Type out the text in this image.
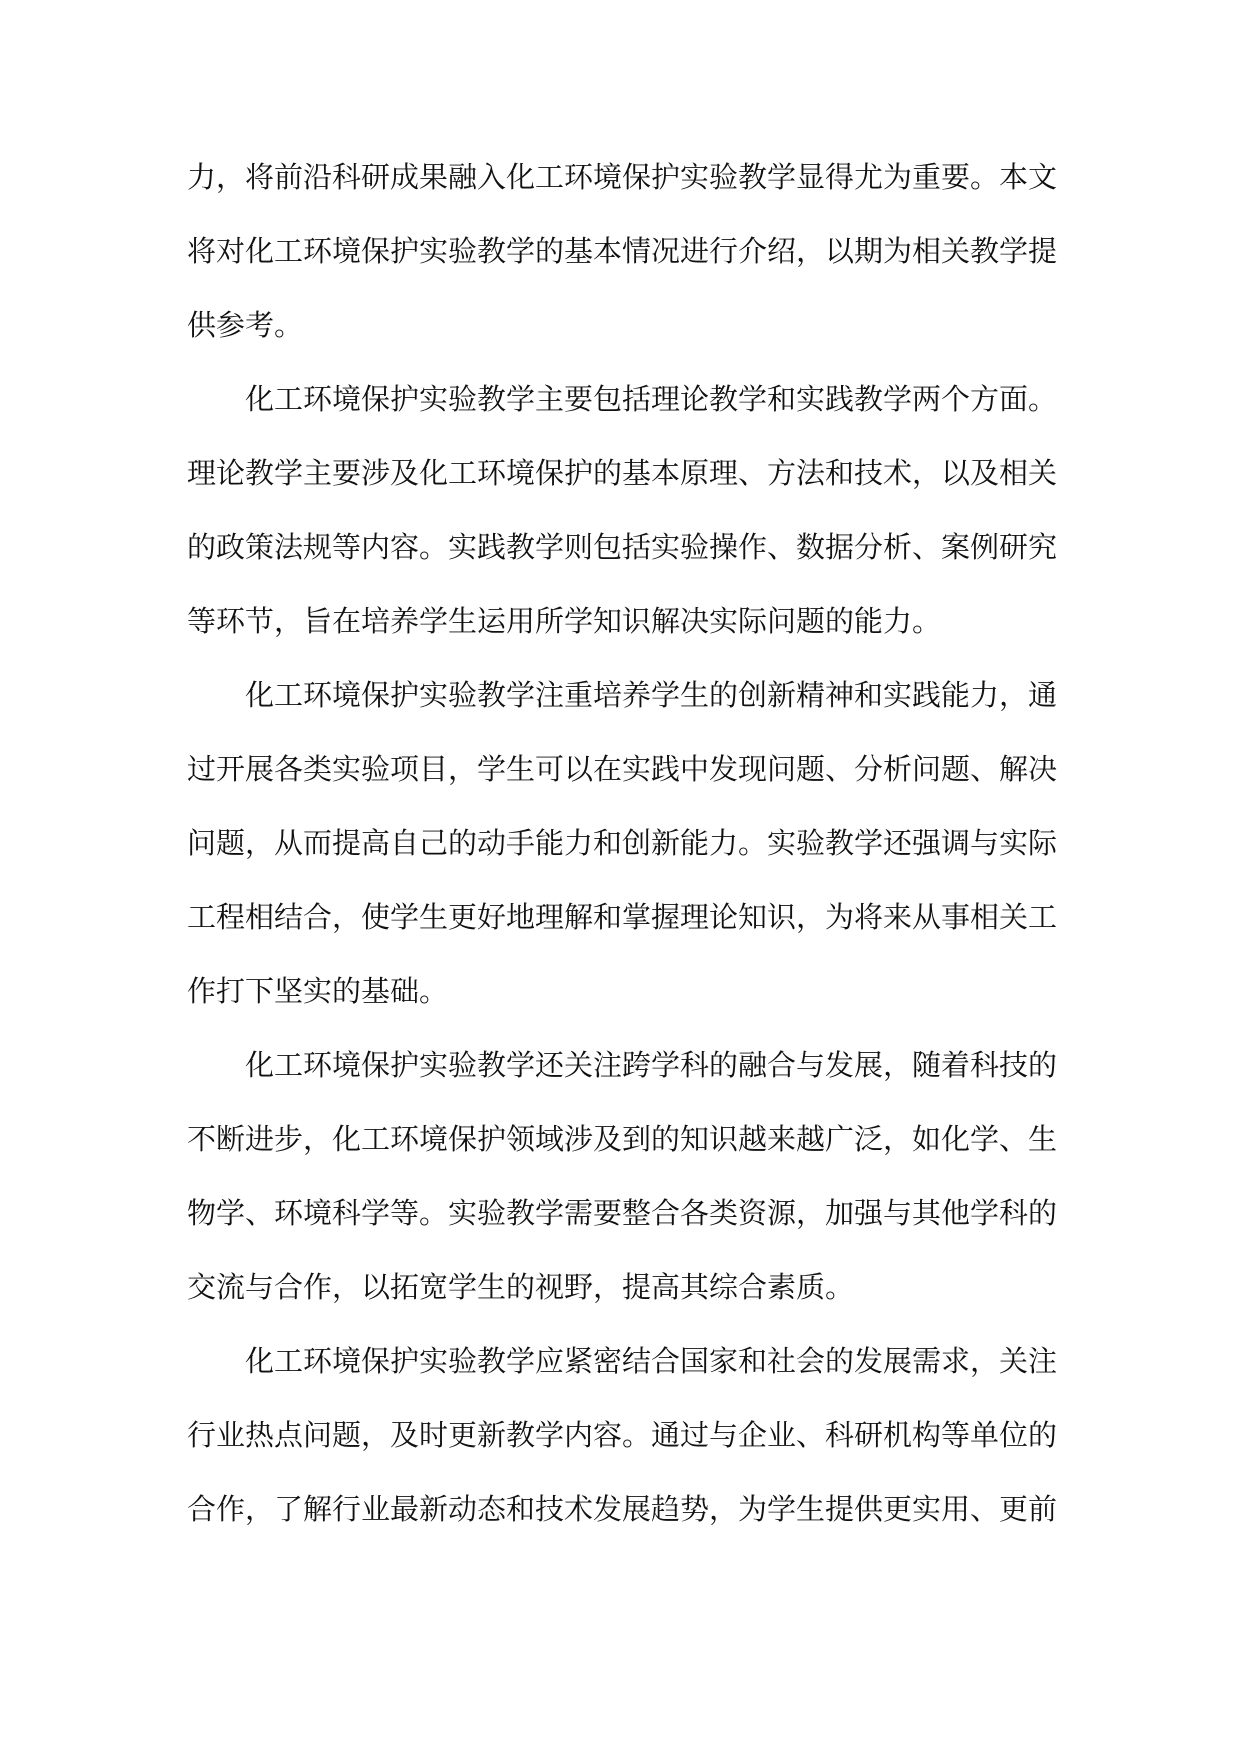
力，将前沿科研成果融入化工环境保护实验教学显得尤为重要。本文
将对化工环境保护实验教学的基本情况进行介绍，以期为相关教学提
供参考。
化工环境保护实验教学主要包括理论教学和实践教学两个方面。
理论教学主要涉及化工环境保护的基本原理、方法和技术，以及相关
的政策法规等内容。实践教学则包括实验操作、数据分析、案例研究
等环节，旨在培养学生运用所学知识解决实际问题的能力。
化工环境保护实验教学注重培养学生的创新精神和实践能力，通
过开展各类实验项目，学生可以在实践中发现问题、分析问题、解决
问题，从而提高自己的动手能力和创新能力。实验教学还强调与实际
工程相结合，使学生更好地理解和掌握理论知识，为将来从事相关工
作打下坚实的基础。
化工环境保护实验教学还关注跨学科的融合与发展，随着科技的
不断进步，化工环境保护领域涉及到的知识越来越广泛，如化学、生
物学、环境科学等。实验教学需要整合各类资源，加强与其他学科的
交流与合作，以拓宽学生的视野，提高其综合素质。
化工环境保护实验教学应紧密结合国家和社会的发展需求，关注
行业热点问题，及时更新教学内容。通过与企业、科研机构等单位的
合作，了解行业最新动态和技术发展趋势，为学生提供更实用、更前
